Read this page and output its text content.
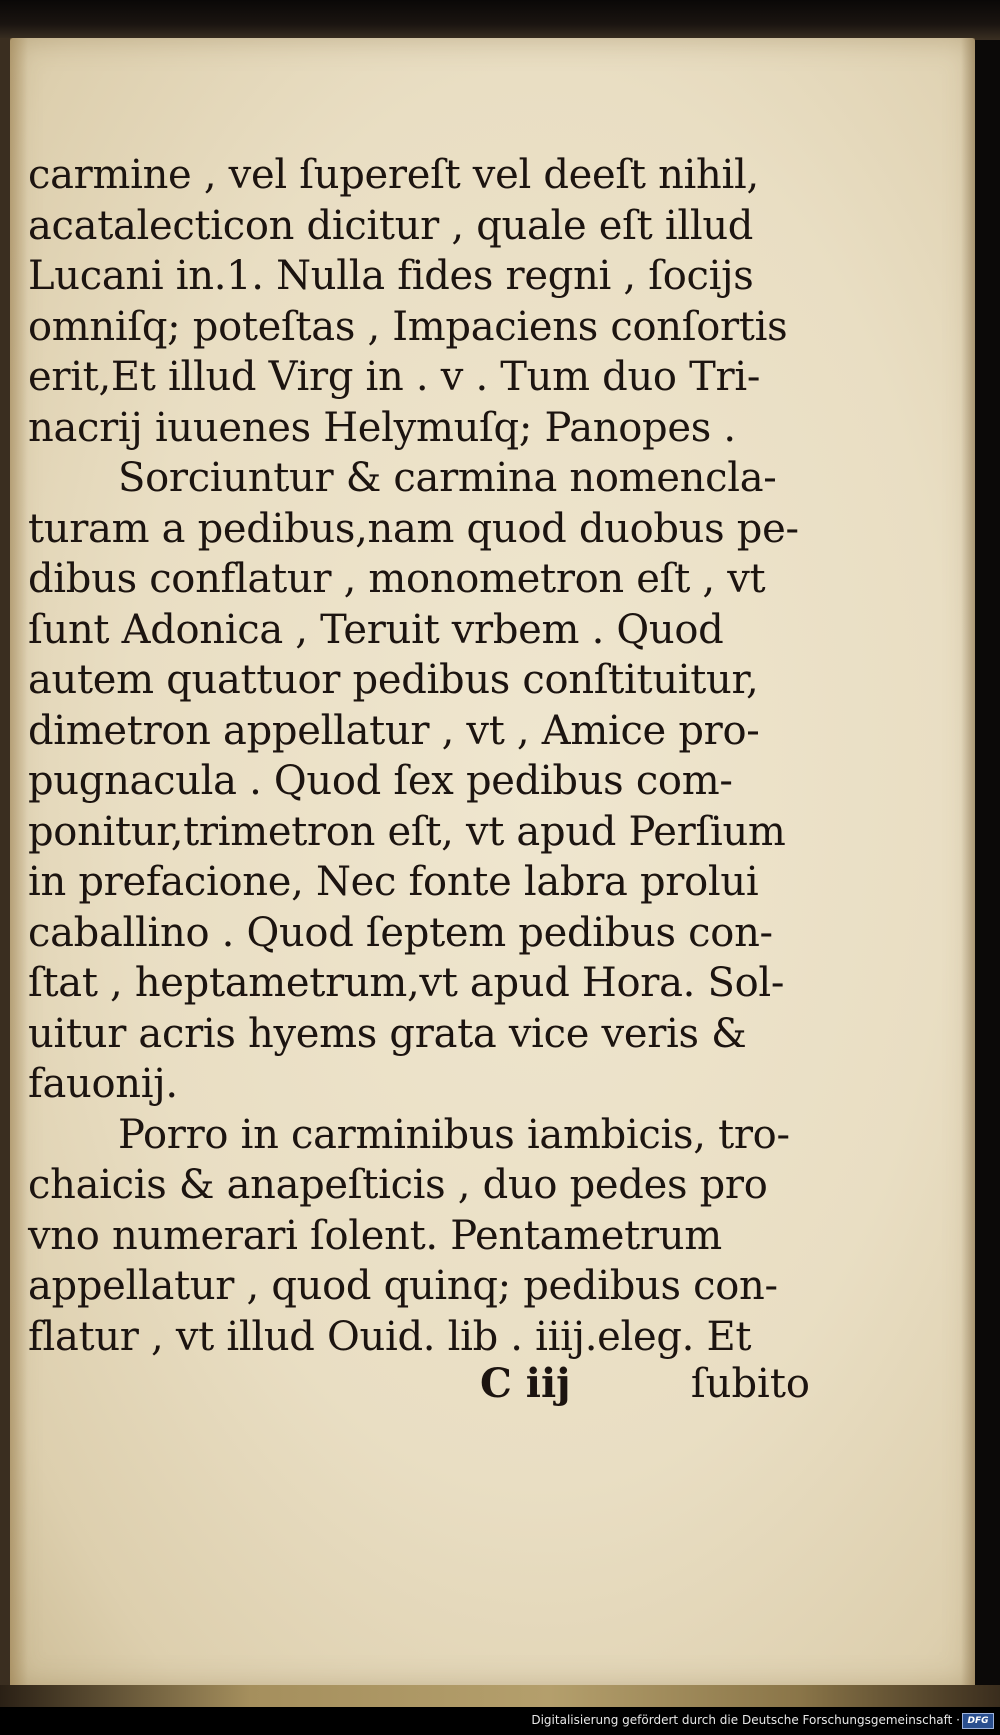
carmine , vel ſupereſt vel deeſt nihil,
acatalecticon dicitur , quale eſt illud
Lucani in.1. Nulla fides regni , ſocijs
omniſq; poteſtas , Impaciens conſortis
erit,Et illud Virg in . v . Tum duo Tri-
nacrij iuuenes Helymuſq; Panopes .
Sorciuntur & carmina nomencla-
turam a pedibus,nam quod duobus pe-
dibus conflatur , monometron eſt , vt
ſunt Adonica , Teruit vrbem . Quod
autem quattuor pedibus conſtituitur,
dimetron appellatur , vt , Amice pro-
pugnacula . Quod ſex pedibus com-
ponitur,trimetron eſt, vt apud Perſium
in prefacione, Nec fonte labra prolui
caballino . Quod ſeptem pedibus con-
ſtat , heptametrum,vt apud Hora. Sol-
uitur acris hyems grata vice veris &
fauonij.
Porro in carminibus iambicis, tro-
chaicis & anapeſticis , duo pedes pro
vno numerari ſolent. Pentametrum
appellatur , quod quinq; pedibus con-
flatur , vt illud Ouid. lib . iiij.eleg. Et
C iij	ſubito
Digitalisierung gefördert durch die Deutsche Forschungsgemeinschaft · DFG
